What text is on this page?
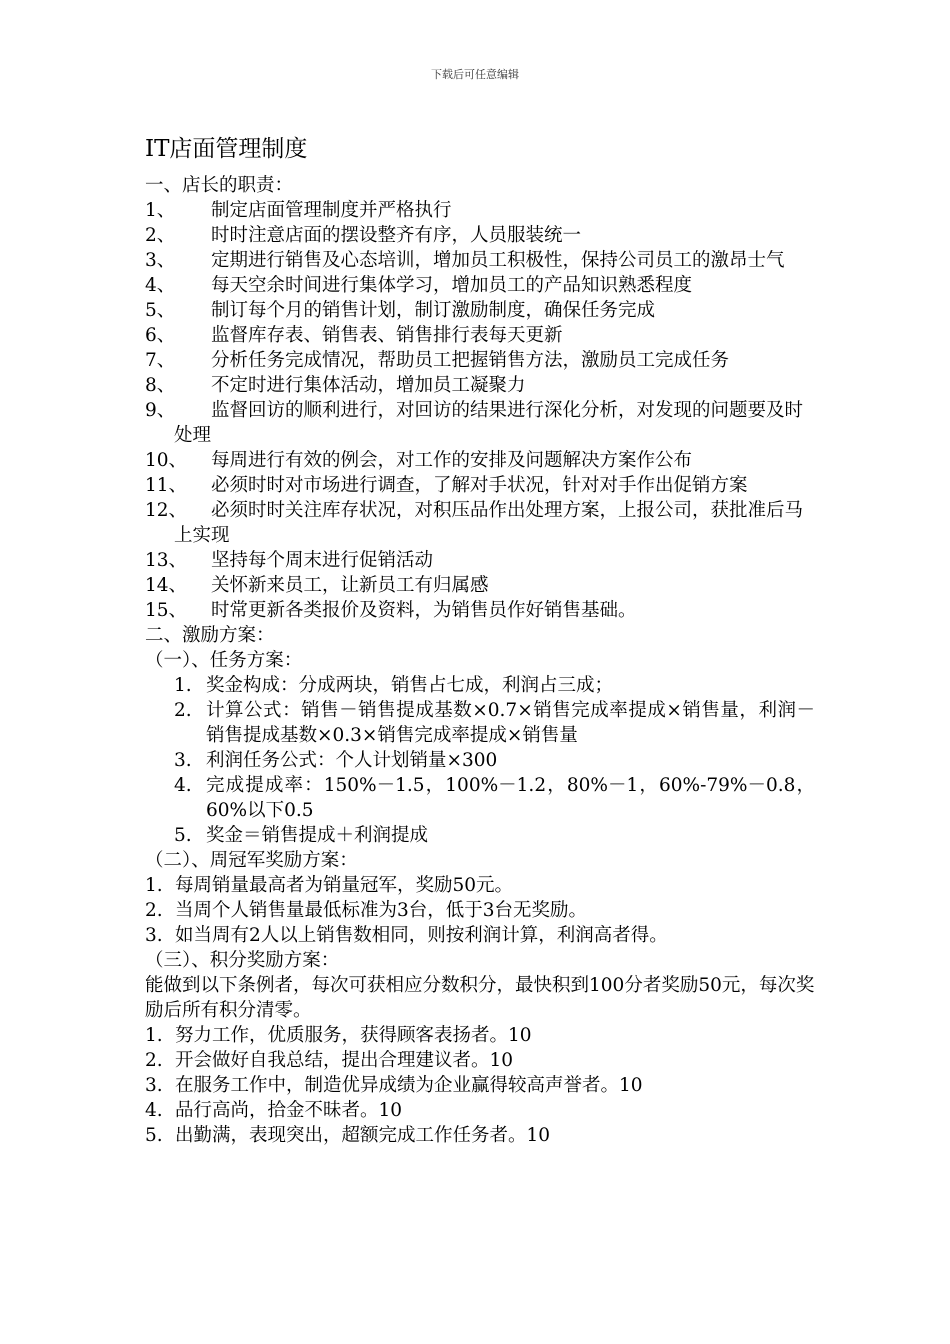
下载后可任意编辑
IT店面管理制度

一、店长的职责：

1、	制定店面管理制度并严格执行

2、	时时注意店面的摆设整齐有序，人员服装统一

3、	定期进行销售及心态培训，增加员工积极性，保持公司员工的激昂士气

4、	每天空余时间进行集体学习，增加员工的产品知识熟悉程度

5、	制订每个月的销售计划，制订激励制度，确保任务完成

6、	监督库存表、销售表、销售排行表每天更新

7、	分析任务完成情况，帮助员工把握销售方法，激励员工完成任务

8、	不定时进行集体活动，增加员工凝聚力

9、	监督回访的顺利进行，对回访的结果进行深化分析，对发现的问题要及时处理

10、	每周进行有效的例会，对工作的安排及问题解决方案作公布

11、	必须时时对市场进行调查，了解对手状况，针对对手作出促销方案

12、	必须时时关注库存状况，对积压品作出处理方案，上报公司，获批准后马上实现

13、	坚持每个周末进行促销活动

14、	关怀新来员工，让新员工有归属感

15、	时常更新各类报价及资料，为销售员作好销售基础。

二、激励方案：

（一）、任务方案：

1. 奖金构成：分成两块，销售占七成，利润占三成；

2. 计算公式：销售－销售提成基数×0.7×销售完成率提成×销售量，利润－销售提成基数×0.3×销售完成率提成×销售量

3. 利润任务公式：个人计划销量×300

4. 完成提成率：150%－1.5，100%－1.2，80%－1，60%-79%－0.8，60%以下0.5

5. 奖金＝销售提成＋利润提成

（二）、周冠军奖励方案：

1. 每周销量最高者为销量冠军，奖励50元。

2. 当周个人销售量最低标准为3台，低于3台无奖励。

3. 如当周有2人以上销售数相同，则按利润计算，利润高者得。

（三）、积分奖励方案：

能做到以下条例者，每次可获相应分数积分，最快积到100分者奖励50元，每次奖励后所有积分清零。

1. 努力工作，优质服务，获得顾客表扬者。10

2. 开会做好自我总结，提出合理建议者。10

3. 在服务工作中，制造优异成绩为企业赢得较高声誉者。10

4. 品行高尚，拾金不昧者。10

5. 出勤满，表现突出，超额完成工作任务者。10
